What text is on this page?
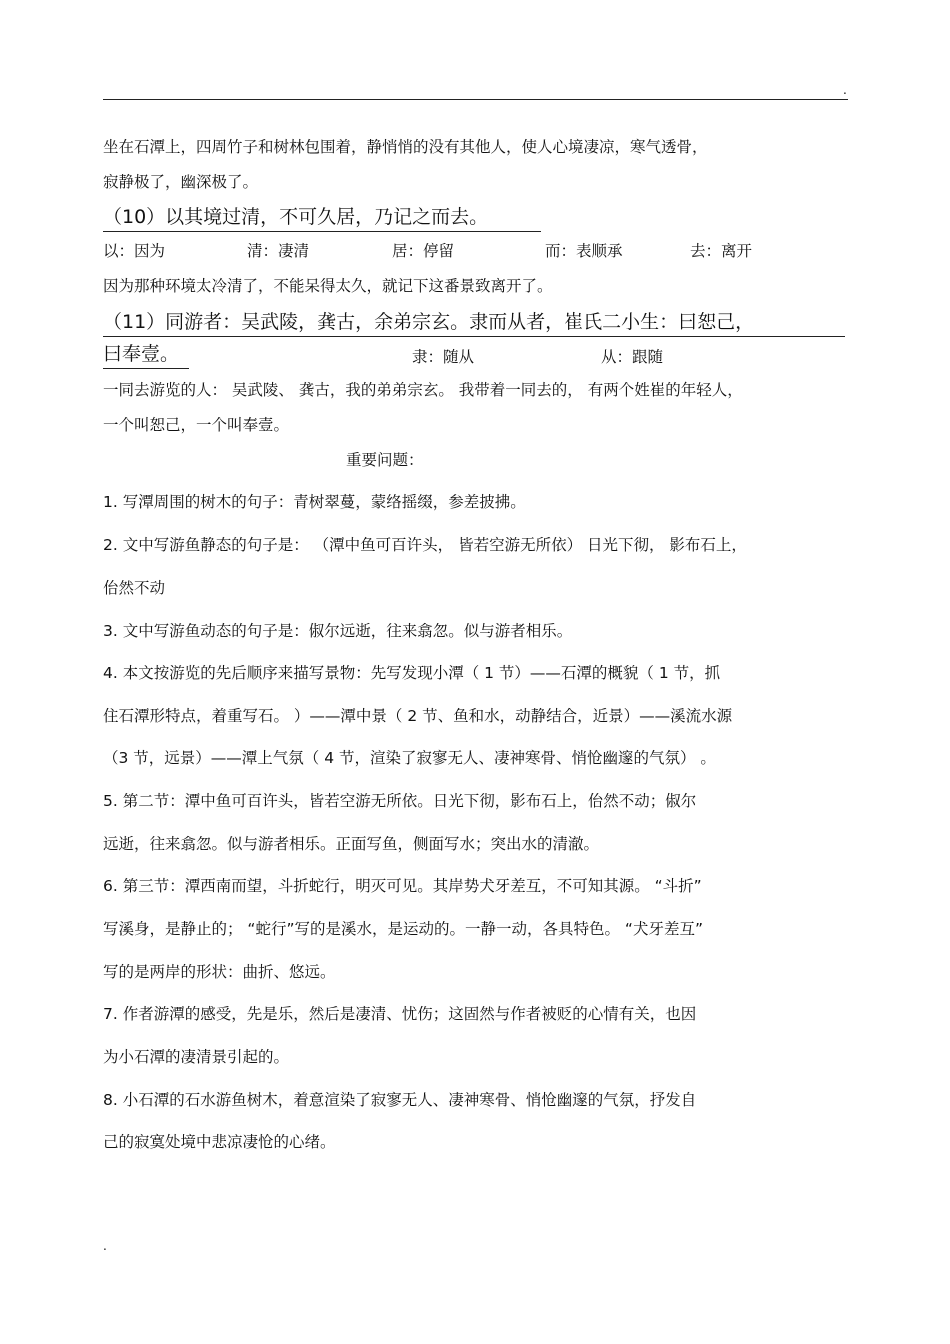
.
坐在石潭上，四周竹子和树林包围着，静悄悄的没有其他人，使人心境凄凉，寒气透骨，
寂静极了，幽深极了。
（10）以其境过清，不可久居，乃记之而去。
以：因为	清：凄清	居：停留	而：表顺承	去：离开
因为那种环境太冷清了，不能呆得太久，就记下这番景致离开了。
（11）同游者：吴武陵，龚古，余弟宗玄。隶而从者，崔氏二小生：曰恕己，
曰奉壹。	隶：随从	从：跟随
一同去游览的人： 吴武陵、 龚古，我的弟弟宗玄。 我带着一同去的， 有两个姓崔的年轻人，
一个叫恕己，一个叫奉壹。
重要问题：
1. 写潭周围的树木的句子：青树翠蔓，蒙络摇缀，参差披拂。
2. 文中写游鱼静态的句子是： （潭中鱼可百许头， 皆若空游无所依） 日光下彻， 影布石上，
佁然不动
3. 文中写游鱼动态的句子是：俶尔远逝，往来翕忽。似与游者相乐。
4. 本文按游览的先后顺序来描写景物：先写发现小潭（ 1 节）——石潭的概貌（ 1 节，抓
住石潭形特点，着重写石。 ）——潭中景（ 2 节、鱼和水，动静结合，近景）——溪流水源
（3 节，远景）——潭上气氛（ 4 节，渲染了寂寥无人、凄神寒骨、悄怆幽邃的气氛） 。
5. 第二节：潭中鱼可百许头，皆若空游无所依。日光下彻，影布石上，佁然不动；俶尔
远逝，往来翕忽。似与游者相乐。正面写鱼，侧面写水；突出水的清澈。
6. 第三节：潭西南而望，斗折蛇行，明灭可见。其岸势犬牙差互，不可知其源。 “斗折”
写溪身，是静止的； “蛇行”写的是溪水，是运动的。一静一动，各具特色。 “犬牙差互”
写的是两岸的形状：曲折、悠远。
7. 作者游潭的感受，先是乐，然后是凄清、忧伤；这固然与作者被贬的心情有关，也因
为小石潭的凄清景引起的。
8. 小石潭的石水游鱼树木，着意渲染了寂寥无人、凄神寒骨、悄怆幽邃的气氛，抒发自
己的寂寞处境中悲凉凄怆的心绪。
.
